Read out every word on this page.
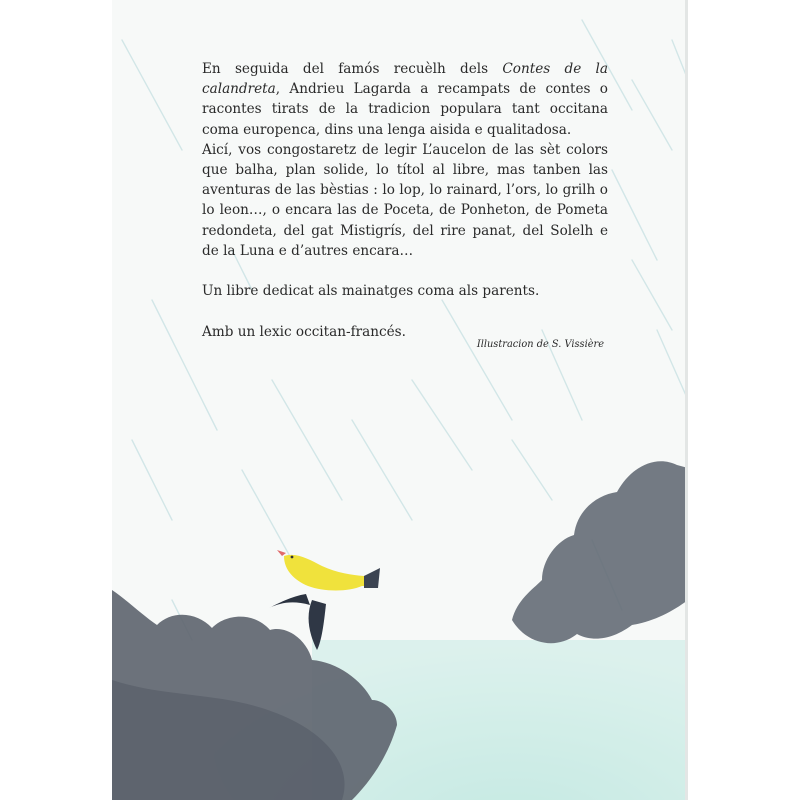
En seguida del famós recuèlh dels Contes de la calandreta, Andrieu Lagarda a recampats de contes o racontes tirats de la tradicion populara tant occitana coma europenca, dins una lenga aisida e qualitadosa.

Aicí, vos congostaretz de legir L’aucelon de las sèt colors que balha, plan solide, lo títol al libre, mas tanben las aventuras de las bèstias : lo lop, lo rainard, l’ors, lo grilh o lo leon…, o encara las de Poceta, de Ponheton, de Pometa redondeta, del gat Mistigrís, del rire panat, del Solelh e de la Luna e d’autres encara…

Un libre dedicat als mainatges coma als parents.

Amb un lexic occitan-francés.

Illustracion de S. Vissière
